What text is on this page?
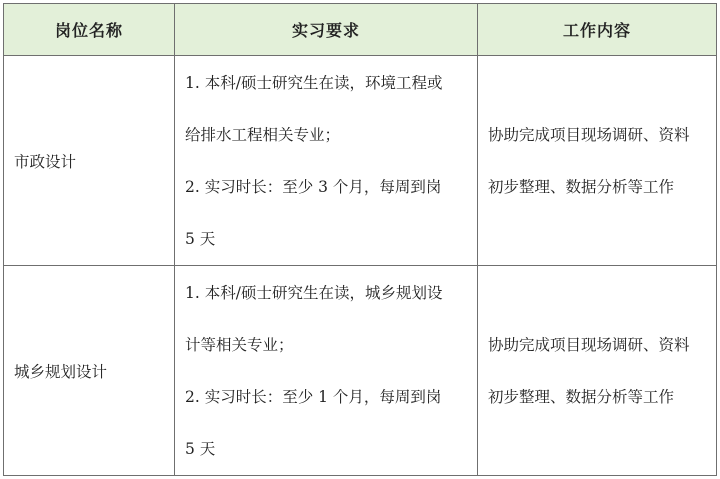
岗位名称	实习要求	工作内容
市政设计	1. 本科/硕士研究生在读，环境工程或
给排水工程相关专业；
2. 实习时长：至少 3 个月，每周到岗
5 天	协助完成项目现场调研、资料
初步整理、数据分析等工作

城乡规划设计	1. 本科/硕士研究生在读，城乡规划设
计等相关专业；
2. 实习时长：至少 1 个月，每周到岗
5 天	协助完成项目现场调研、资料
初步整理、数据分析等工作
